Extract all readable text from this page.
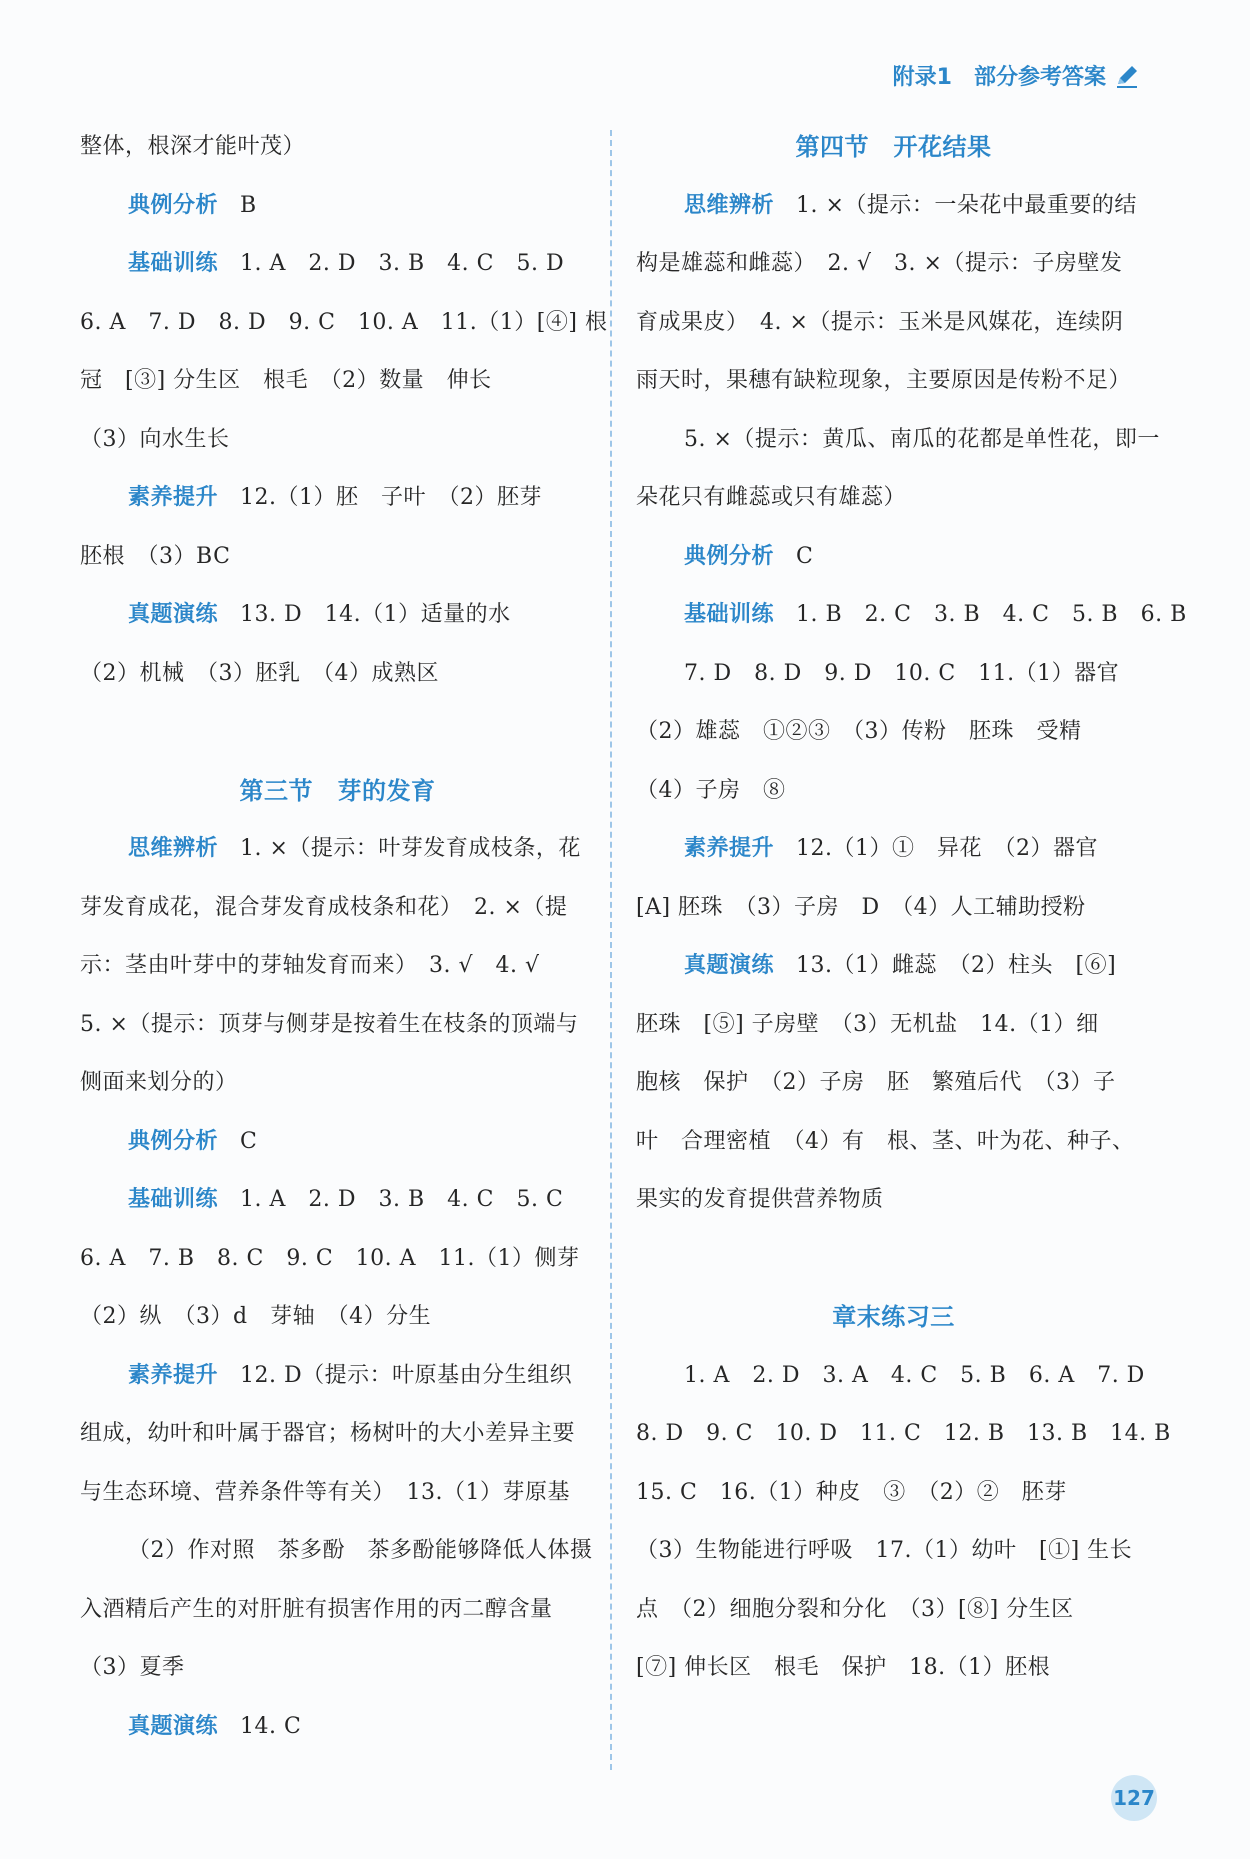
附录1 部分参考答案
整体，根深才能叶茂）
典例分析 B
基础训练 1. A　2. D　3. B　4. C　5. D
6. A　7. D　8. D　9. C　10. A　11.（1）[④] 根
冠　[③] 分生区　根毛　（2）数量　伸长
（3）向水生长
素养提升 12.（1）胚　子叶　（2）胚芽
胚根　（3）BC
真题演练 13. D　14.（1）适量的水
（2）机械　（3）胚乳　（4）成熟区
第三节　芽的发育
思维辨析 1. ×（提示：叶芽发育成枝条，花
芽发育成花，混合芽发育成枝条和花）　2. ×（提
示：茎由叶芽中的芽轴发育而来）　3. √　4. √
5. ×（提示：顶芽与侧芽是按着生在枝条的顶端与
侧面来划分的）
典例分析 C
基础训练 1. A　2. D　3. B　4. C　5. C
6. A　7. B　8. C　9. C　10. A　11.（1）侧芽
（2）纵　（3）d　芽轴　（4）分生
素养提升 12. D（提示：叶原基由分生组织
组成，幼叶和叶属于器官；杨树叶的大小差异主要
与生态环境、营养条件等有关）　13.（1）芽原基
（2）作对照　茶多酚　茶多酚能够降低人体摄
入酒精后产生的对肝脏有损害作用的丙二醇含量
（3）夏季
真题演练 14. C
第四节　开花结果
思维辨析 1. ×（提示：一朵花中最重要的结
构是雄蕊和雌蕊）　2. √　3. ×（提示：子房壁发
育成果皮）　4. ×（提示：玉米是风媒花，连续阴
雨天时，果穗有缺粒现象，主要原因是传粉不足）
5. ×（提示：黄瓜、南瓜的花都是单性花，即一
朵花只有雌蕊或只有雄蕊）
典例分析 C
基础训练 1. B　2. C　3. B　4. C　5. B　6. B
7. D　8. D　9. D　10. C　11.（1）器官
（2）雄蕊　①②③　（3）传粉　胚珠　受精
（4）子房　⑧
素养提升 12.（1）①　异花　（2）器官
[A] 胚珠　（3）子房　D　（4）人工辅助授粉
真题演练 13.（1）雌蕊　（2）柱头　[⑥]
胚珠　[⑤] 子房壁　（3）无机盐　14.（1）细
胞核　保护　（2）子房　胚　繁殖后代　（3）子
叶　合理密植　（4）有　根、茎、叶为花、种子、
果实的发育提供营养物质
章末练习三
1. A　2. D　3. A　4. C　5. B　6. A　7. D
8. D　9. C　10. D　11. C　12. B　13. B　14. B
15. C　16.（1）种皮　③　（2）②　胚芽
（3）生物能进行呼吸　17.（1）幼叶　[①] 生长
点　（2）细胞分裂和分化　（3）[⑧] 分生区
[⑦] 伸长区　根毛　保护　18.（1）胚根
127
